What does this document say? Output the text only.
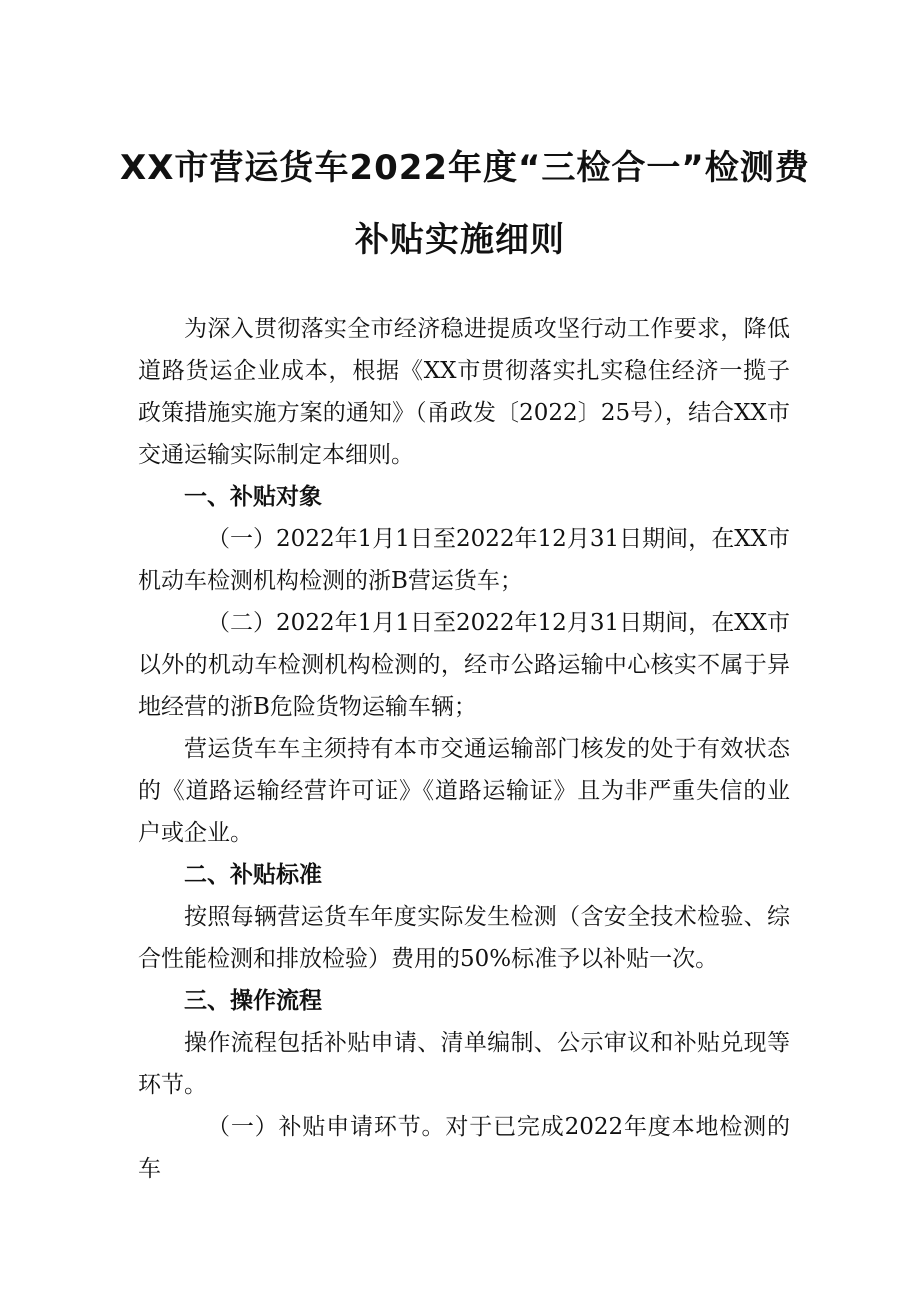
XX市营运货车2022年度“三检合一”检测费
补贴实施细则

为深入贯彻落实全市经济稳进提质攻坚行动工作要求，降低道路货运企业成本，根据《XX市贯彻落实扎实稳住经济一揽子政策措施实施方案的通知》（甬政发〔2022〕25号），结合XX市交通运输实际制定本细则。

一、补贴对象

（一）2022年1月1日至2022年12月31日期间，在XX市机动车检测机构检测的浙B营运货车；

（二）2022年1月1日至2022年12月31日期间，在XX市以外的机动车检测机构检测的，经市公路运输中心核实不属于异地经营的浙B危险货物运输车辆；

营运货车车主须持有本市交通运输部门核发的处于有效状态的《道路运输经营许可证》《道路运输证》且为非严重失信的业户或企业。

二、补贴标准

按照每辆营运货车年度实际发生检测（含安全技术检验、综合性能检测和排放检验）费用的50%标准予以补贴一次。

三、操作流程

操作流程包括补贴申请、清单编制、公示审议和补贴兑现等环节。

（一）补贴申请环节。对于已完成2022年度本地检测的车
